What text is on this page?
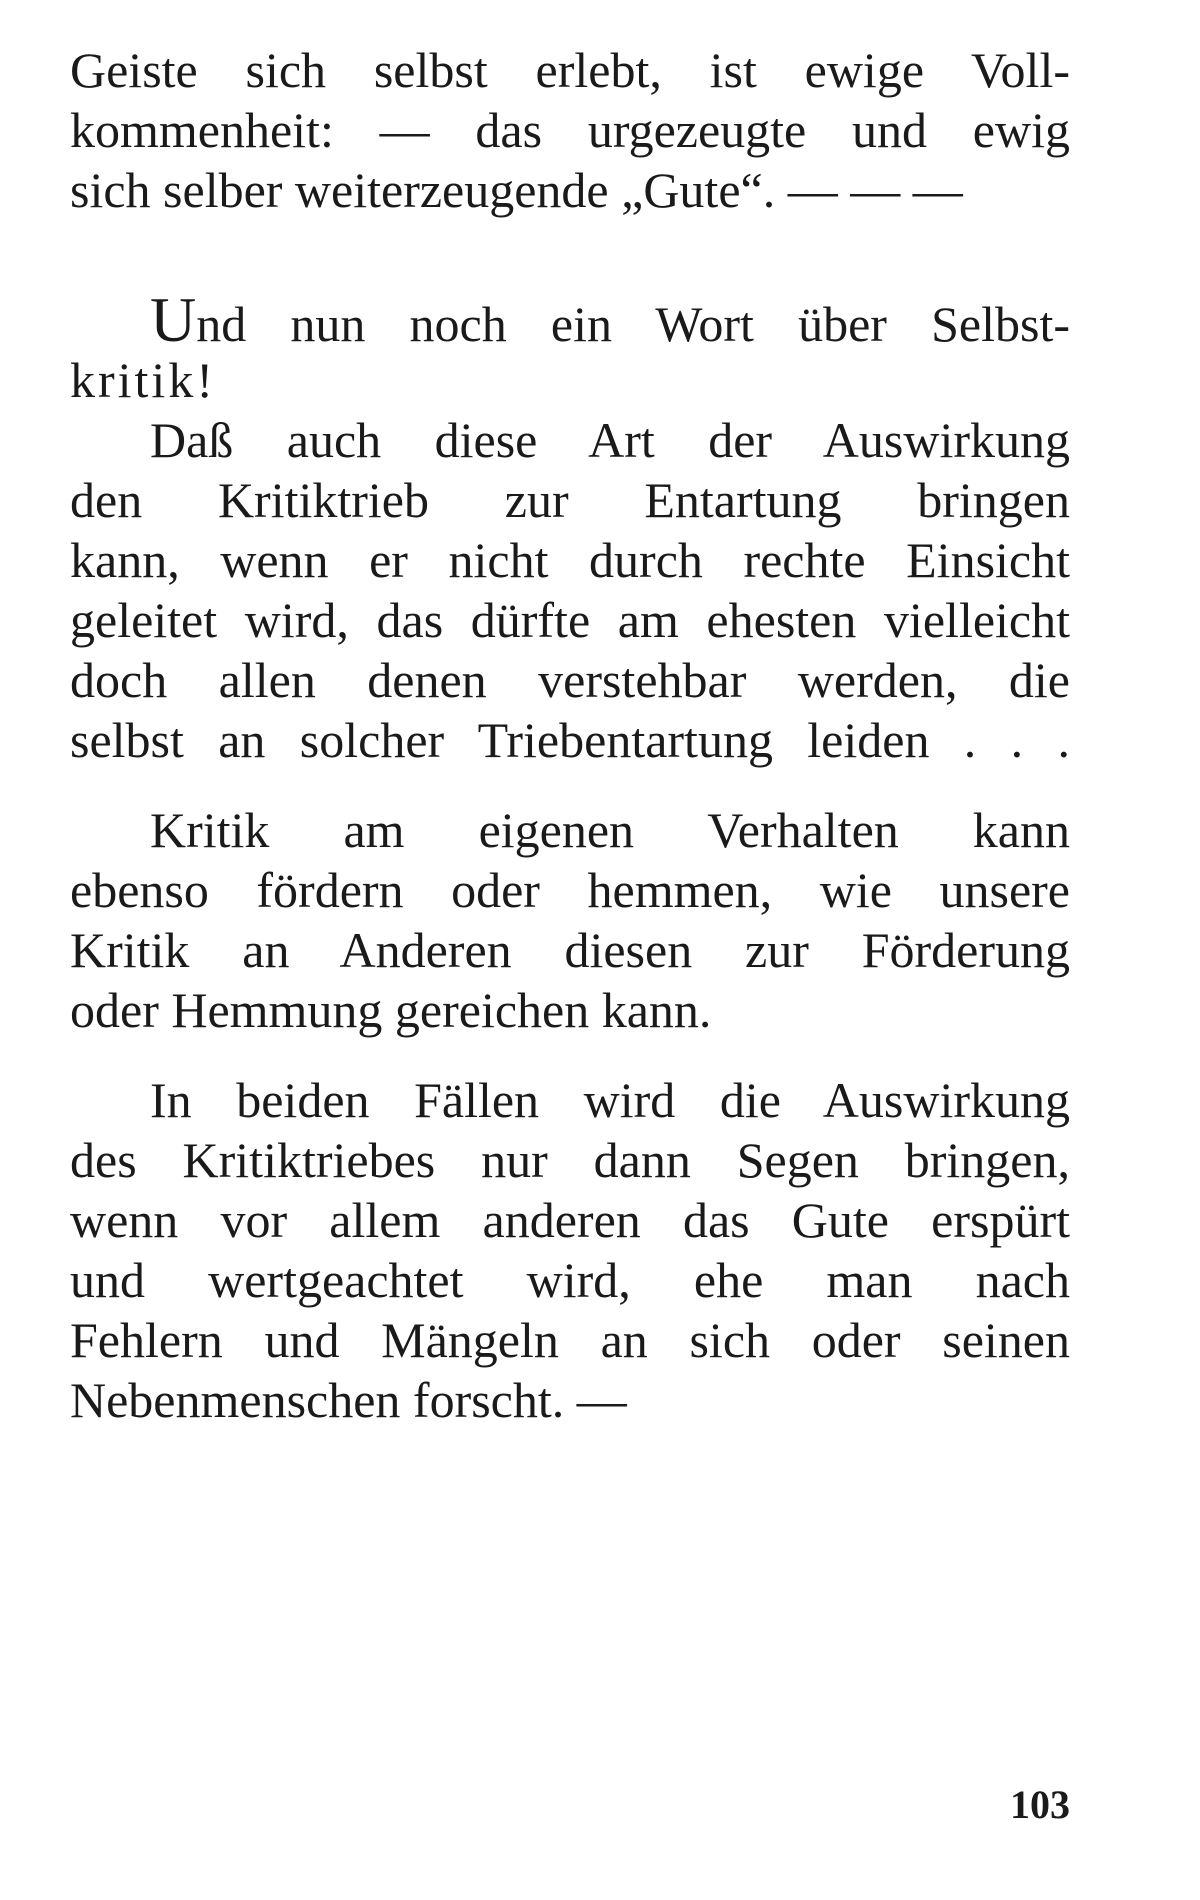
Geiste sich selbst erlebt, ist ewige Voll-
kommenheit: — das urgezeugte und ewig
sich selber weiterzeugende „Gute“. — — —
Und nun noch ein Wort über Selbst-
kritik!
Daß auch diese Art der Auswirkung
den Kritiktrieb zur Entartung bringen
kann, wenn er nicht durch rechte Einsicht
geleitet wird, das dürfte am ehesten vielleicht
doch allen denen verstehbar werden, die
selbst an solcher Triebentartung leiden . . .
Kritik am eigenen Verhalten kann
ebenso fördern oder hemmen, wie unsere
Kritik an Anderen diesen zur Förderung
oder Hemmung gereichen kann.
In beiden Fällen wird die Auswirkung
des Kritiktriebes nur dann Segen bringen,
wenn vor allem anderen das Gute erspürt
und wertgeachtet wird, ehe man nach
Fehlern und Mängeln an sich oder seinen
Nebenmenschen forscht. —
103
